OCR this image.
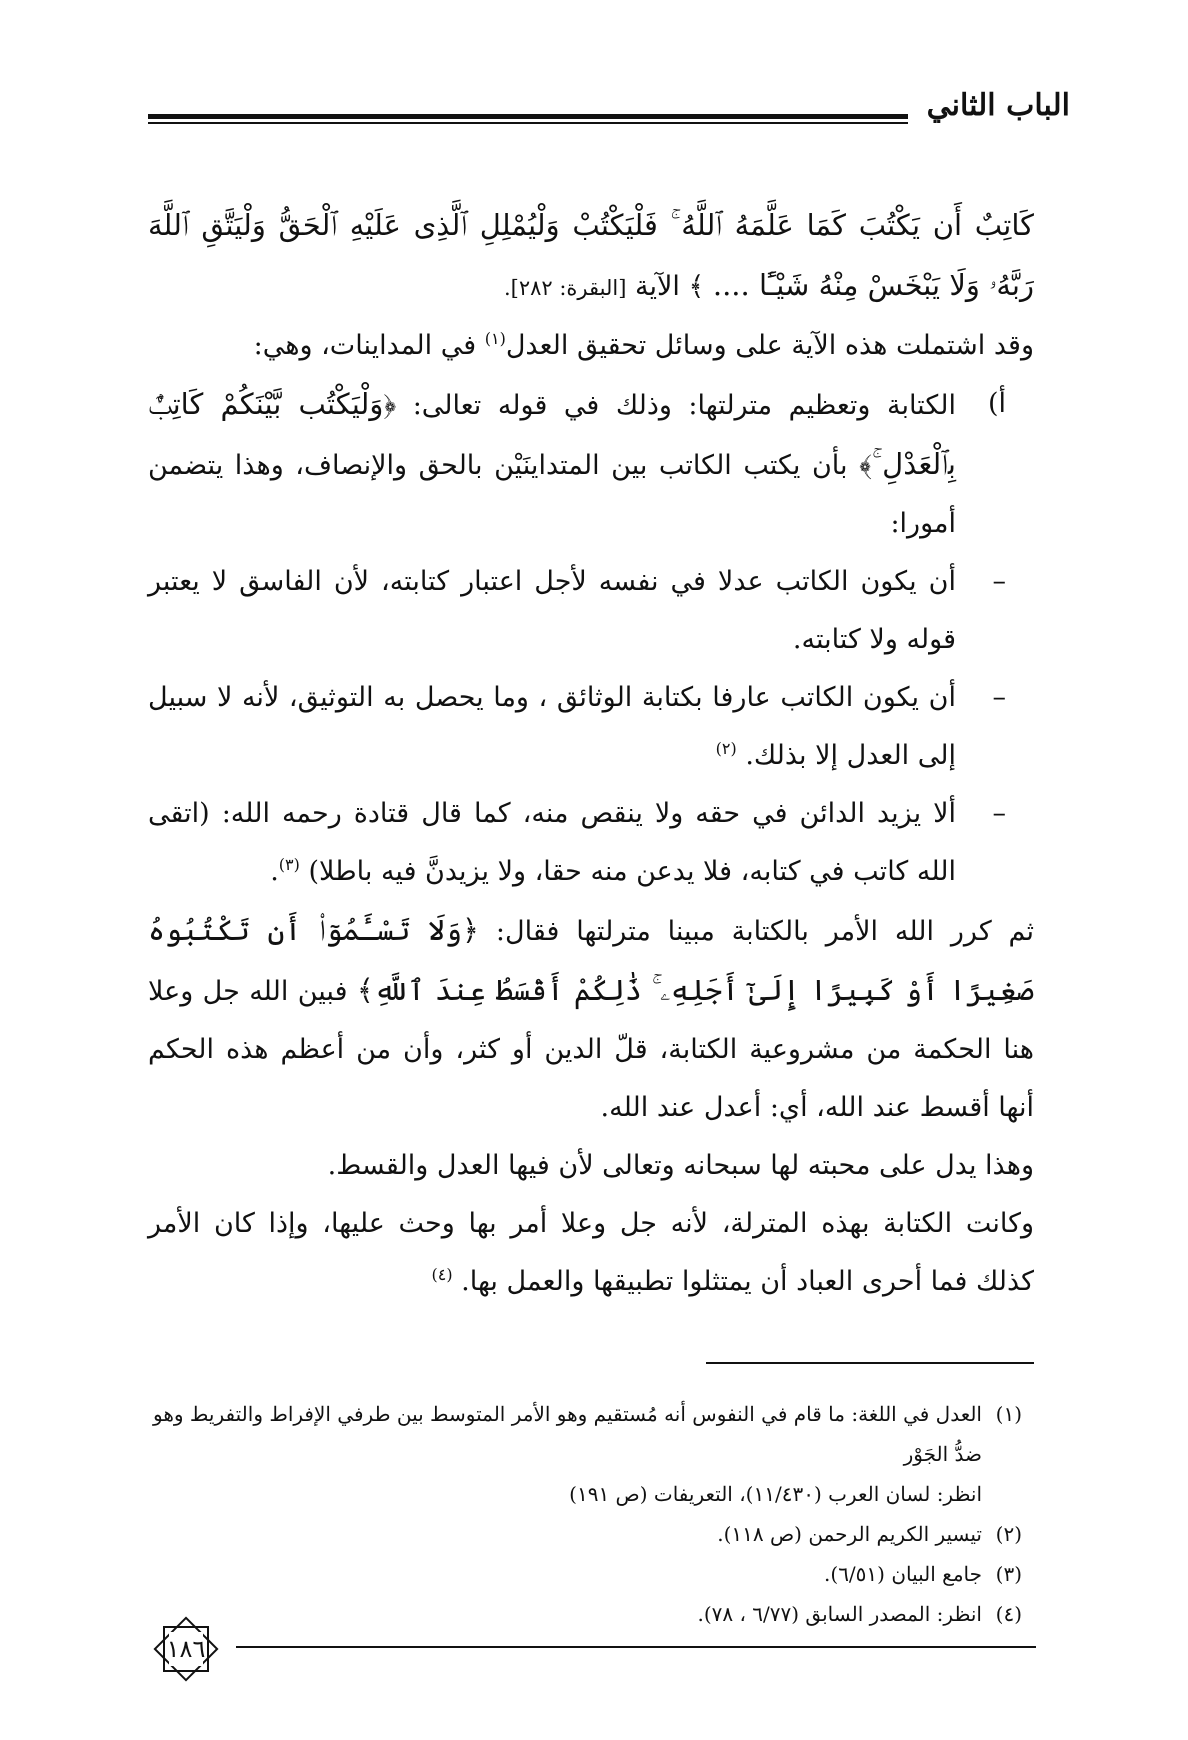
الباب الثاني

كَاتِبٌ أَن يَكْتُبَ كَمَا عَلَّمَهُ ٱللَّهُ ۚ فَلْيَكْتُبْ وَلْيُمْلِلِ ٱلَّذِى عَلَيْهِ ٱلْحَقُّ وَلْيَتَّقِ ٱللَّهَ رَبَّهُۥ وَلَا يَبْخَسْ مِنْهُ شَيْـًٔا .... ﴾ الآية [البقرة: ٢٨٢].

وقد اشتملت هذه الآية على وسائل تحقيق العدل$^{(١)}$ في المداينات، وهي:

أ)
الكتابة وتعظيم مترلتها: وذلك في قوله تعالى: ﴿وَلْيَكْتُب بَّيْنَكُمْ كَاتِبٌۢ بِٱلْعَدْلِ ۚ﴾ بأن يكتب الكاتب بين المتداينَيْن بالحق والإنصاف، وهذا يتضمن أمورا:
–
أن يكون الكاتب عدلا في نفسه لأجل اعتبار كتابته، لأن الفاسق لا يعتبر قوله ولا كتابته.
–
أن يكون الكاتب عارفا بكتابة الوثائق ، وما يحصل به التوثيق، لأنه لا سبيل إلى العدل إلا بذلك. $^{(٢)}$
–
ألا يزيد الدائن في حقه ولا ينقص منه، كما قال قتادة رحمه الله: (اتقى الله كاتب في كتابه، فلا يدعن منه حقا، ولا يزيدنَّ فيه باطلا) $^{(٣)}$.

ثم كرر الله الأمر بالكتابة مبينا مترلتها فقال: ﴿وَلَا تَسْـَٔمُوٓا۟ أَن تَكْتُبُوهُ صَغِيرًا أَوْ كَبِيرًا إِلَىٰٓ أَجَلِهِۦ ۚ ذَٰلِكُمْ أَقْسَطُ عِندَ ٱللَّهِ﴾ فبين الله جل وعلا هنا الحكمة من مشروعية الكتابة، قلّ الدين أو كثر، وأن من أعظم هذه الحكم أنها أقسط عند الله، أي: أعدل عند الله.

وهذا يدل على محبته لها سبحانه وتعالى لأن فيها العدل والقسط.

وكانت الكتابة بهذه المترلة، لأنه جل وعلا أمر بها وحث عليها، وإذا كان الأمر كذلك فما أحرى العباد أن يمتثلوا تطبيقها والعمل بها. $^{(٤)}$

(١)

العدل في اللغة: ما قام في النفوس أنه مُستقيم وهو الأمر المتوسط بين طرفي الإفراط والتفريط وهو ضدُّ الجَوْر

انظر: لسان العرب (١١/٤٣٠)، التعريفات (ص ١٩١)

(٢)

تيسير الكريم الرحمن (ص ١١٨).

(٣)

جامع البيان (٦/٥١).

(٤)

انظر: المصدر السابق (٦/٧٧ ، ٧٨).

١٨٦
